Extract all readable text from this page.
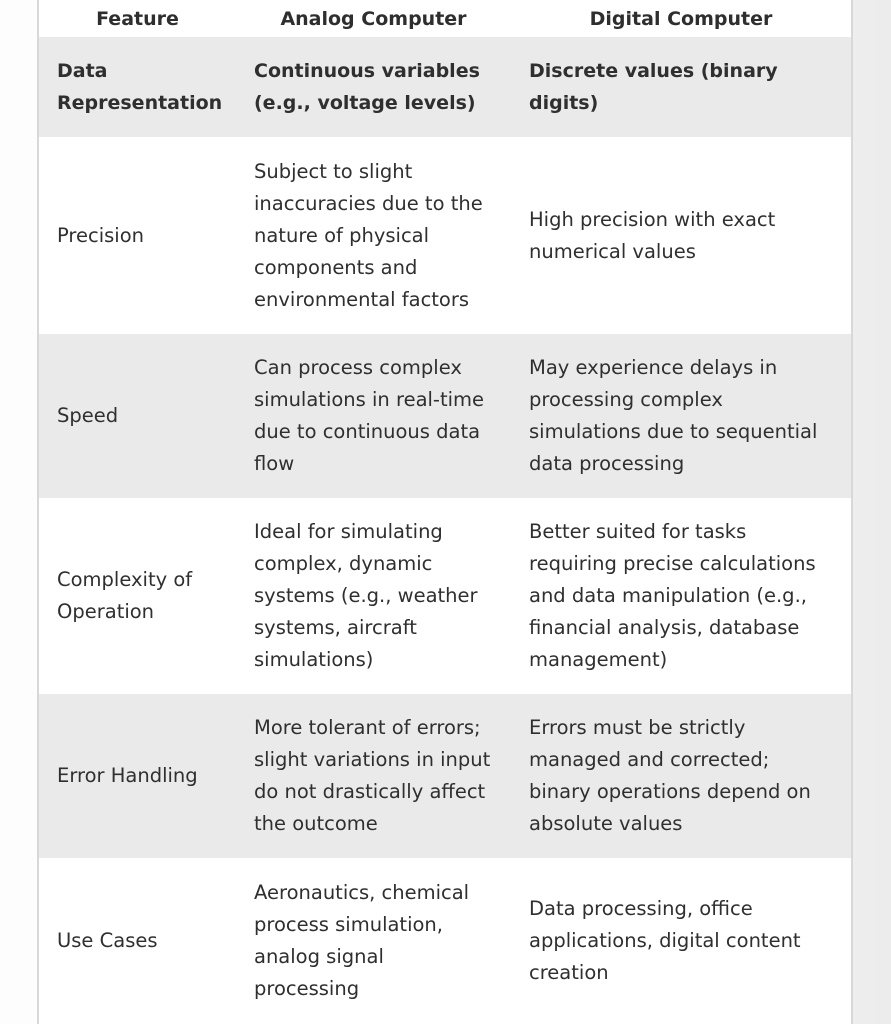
Feature	Analog Computer	Digital Computer
Data
Representation
Continuous variables
(e.g., voltage levels)
Discrete values (binary digits)
Precision
Subject to slight
inaccuracies due to the
nature of physical
components and
environmental factors
High precision with exact
numerical values
Speed
Can process complex
simulations in real-time
due to continuous data
flow
May experience delays in
processing complex
simulations due to sequential
data processing
Complexity of
Operation
Ideal for simulating
complex, dynamic
systems (e.g., weather
systems, aircraft
simulations)
Better suited for tasks
requiring precise calculations
and data manipulation (e.g.,
financial analysis, database
management)
Error Handling
More tolerant of errors;
slight variations in input
do not drastically affect
the outcome
Errors must be strictly
managed and corrected;
binary operations depend on
absolute values
Use Cases
Aeronautics, chemical
process simulation,
analog signal
processing
Data processing, office
applications, digital content
creation
